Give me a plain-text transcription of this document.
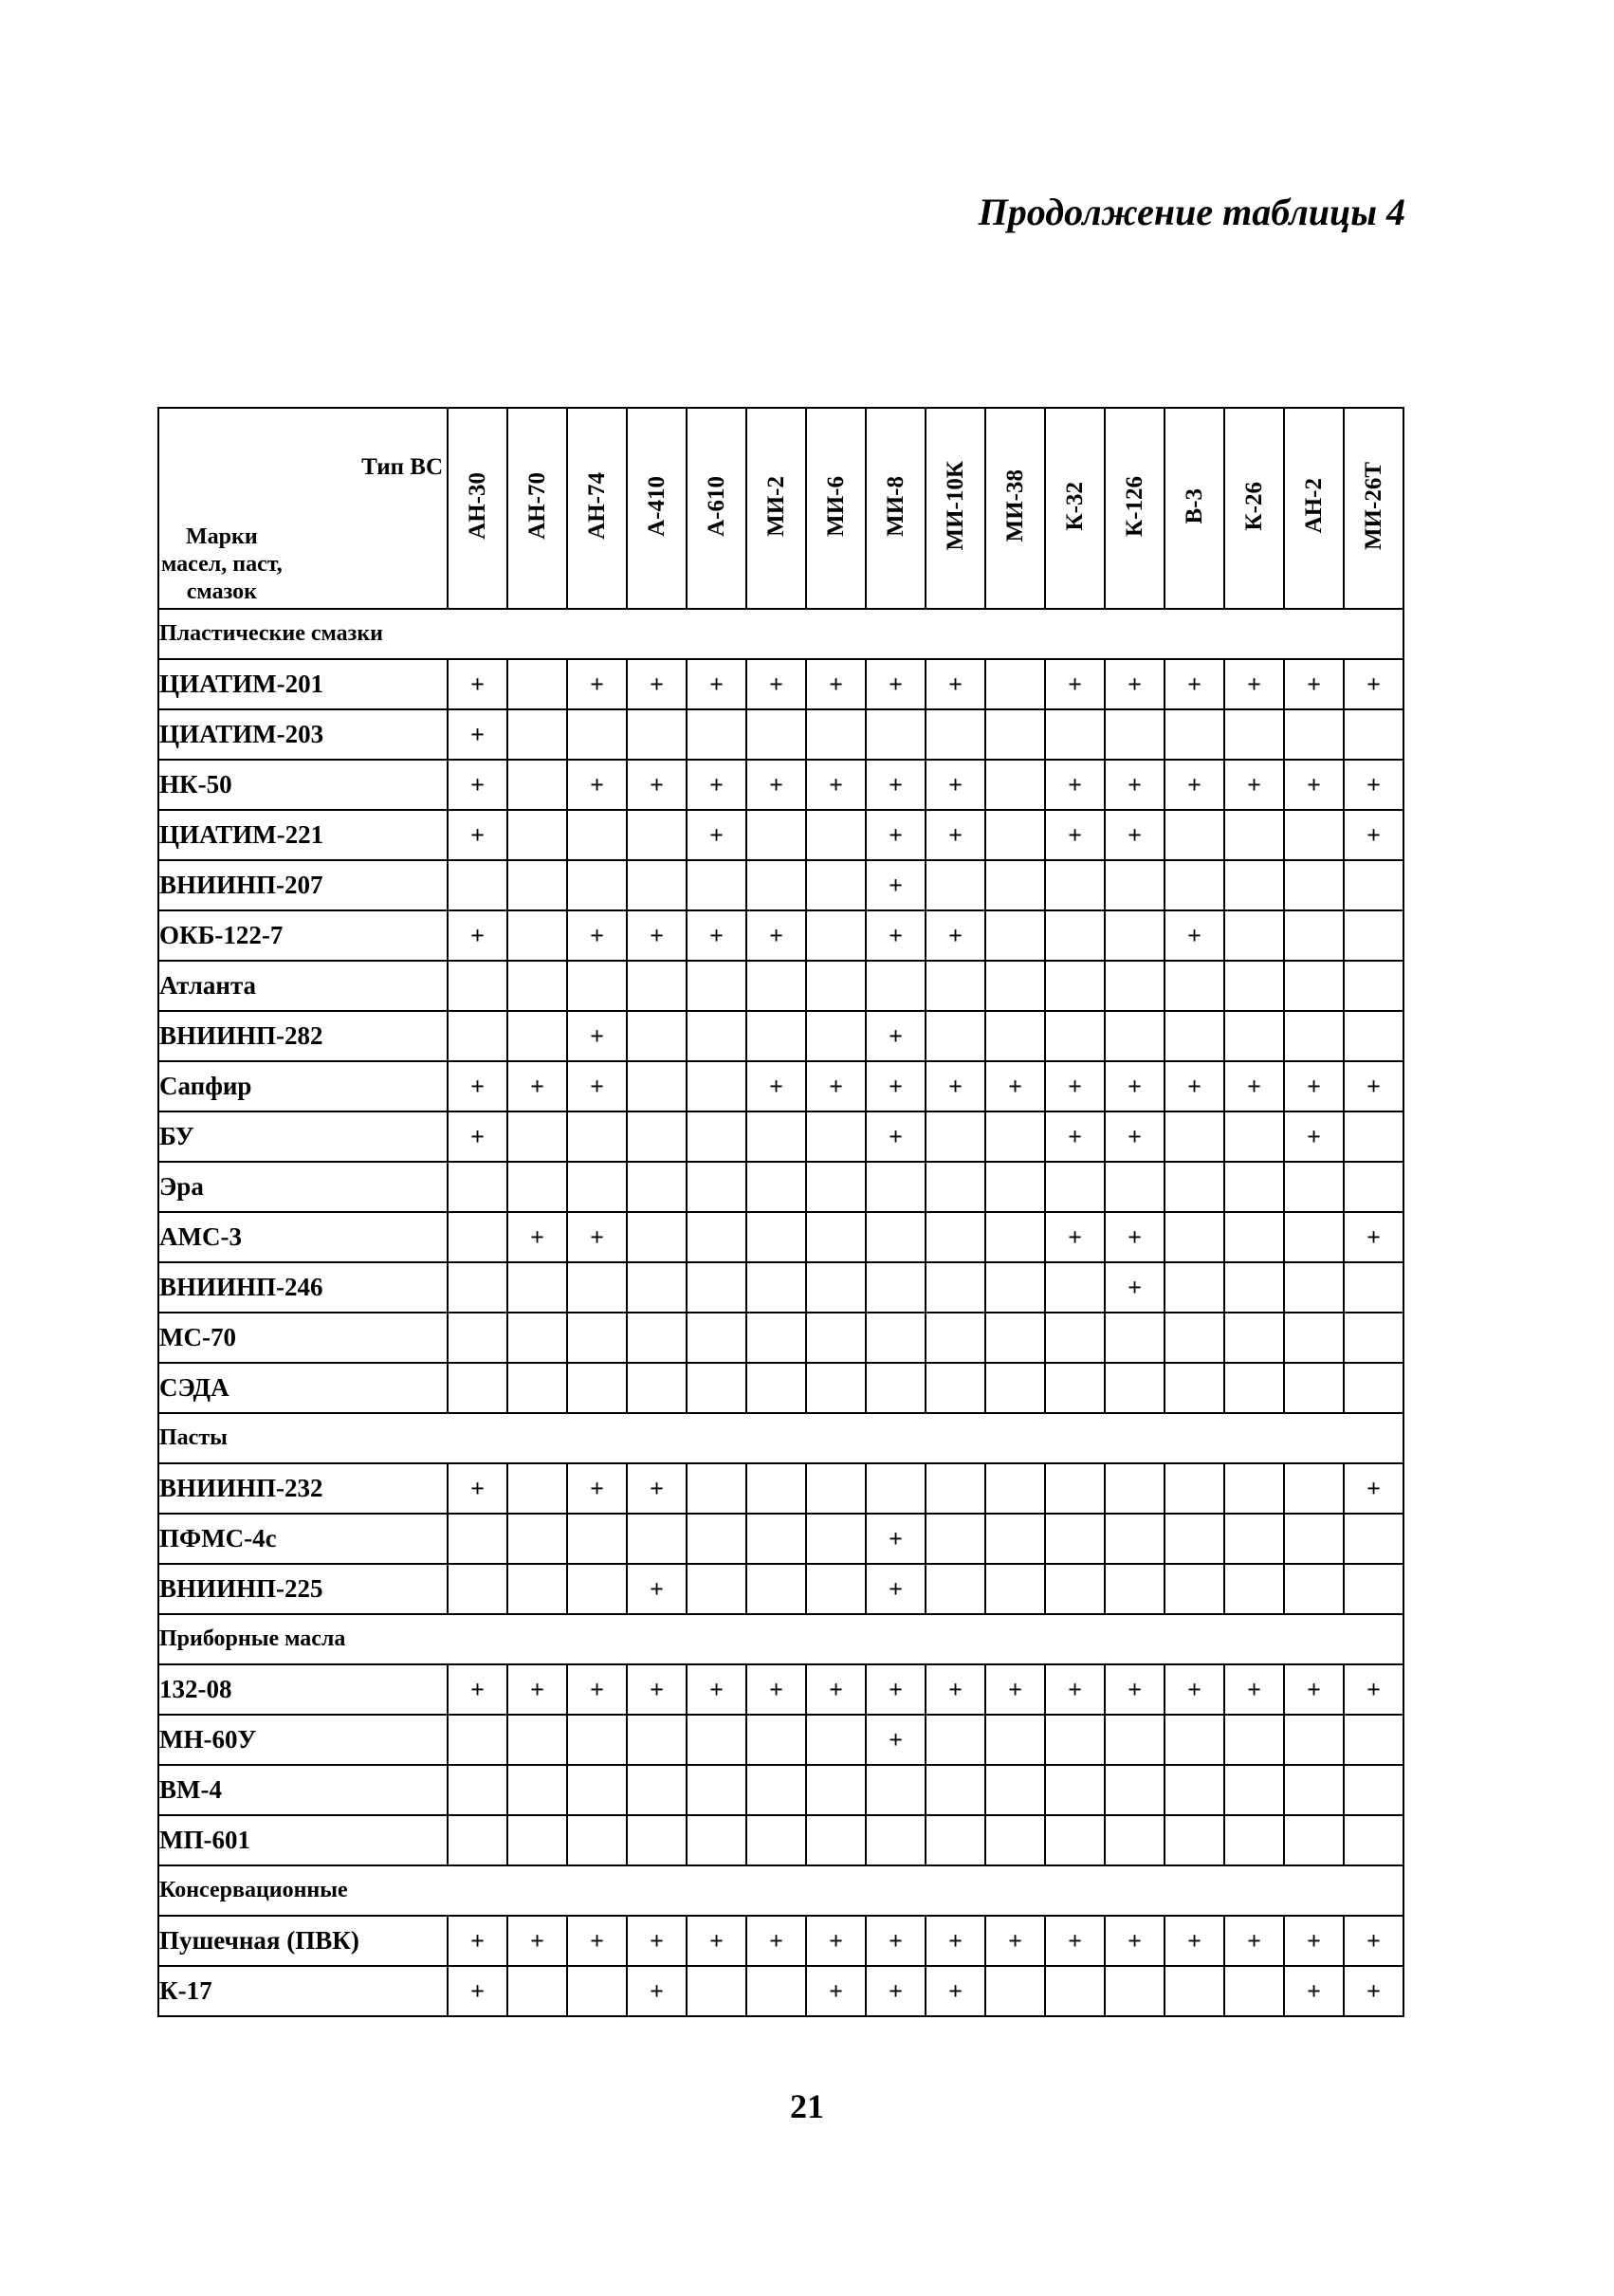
Продолжение таблицы 4
Тип ВС
Марки
масел, паст,
смазок	АН-30	АН-70	АН-74	А-410	А-610	МИ-2	МИ-6	МИ-8	МИ-10К	МИ-38	К-32	К-126	В-3	К-26	АН-2	МИ-26Т
Пластические смазки																
ЦИАТИМ-201	+		+	+	+	+	+	+	+		+	+	+	+	+	+
ЦИАТИМ-203	+															
НК-50	+		+	+	+	+	+	+	+		+	+	+	+	+	+
ЦИАТИМ-221	+				+			+	+		+	+				+
ВНИИНП-207								+								
ОКБ-122-7	+		+	+	+	+		+	+				+			
Атланта																
ВНИИНП-282			+					+								
Сапфир	+	+	+			+	+	+	+	+	+	+	+	+	+	+
БУ	+							+			+	+			+	
Эра																
АМС-3		+	+								+	+				+
ВНИИНП-246												+				
МС-70																
СЭДА																
Пасты																
ВНИИНП-232	+		+	+												+
ПФМС-4с								+								
ВНИИНП-225				+				+								
Приборные масла																
132-08	+	+	+	+	+	+	+	+	+	+	+	+	+	+	+	+
МН-60У								+								
ВМ-4																
МП-601																
Консервационные																
Пушечная (ПВК)	+	+	+	+	+	+	+	+	+	+	+	+	+	+	+	+
К-17	+			+			+	+	+						+	+
21
